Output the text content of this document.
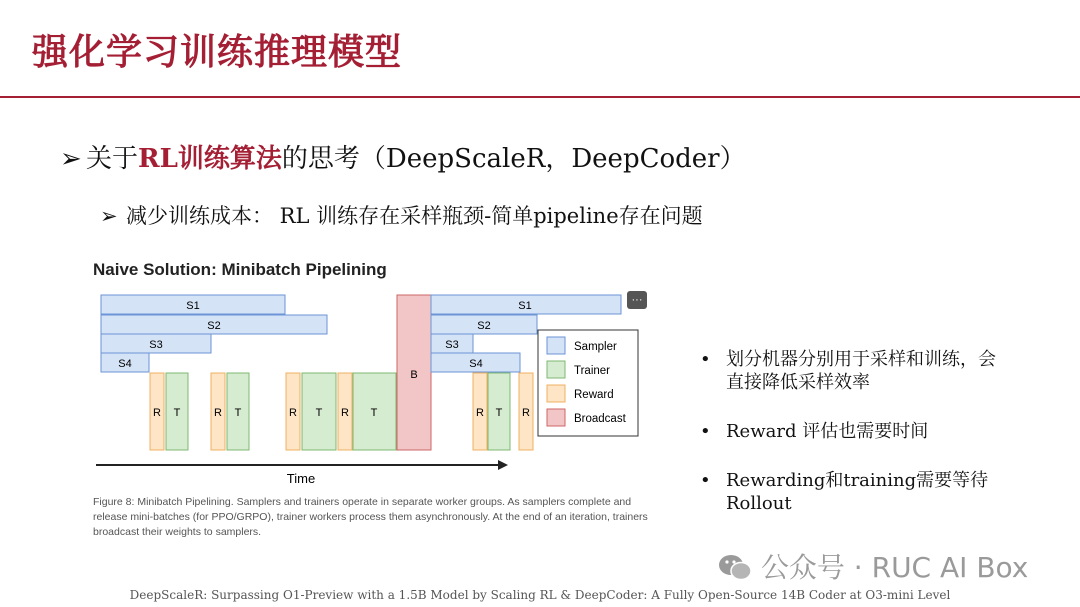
强化学习训练推理模型
➢ 关于RL训练算法的思考（DeepScaleR，DeepCoder）
➢ 减少训练成本： RL 训练存在采样瓶颈-简单pipeline存在问题
Naive Solution: Minibatch Pipelining
S1
S2
S3
S4
R T	R T	R T R T
B
S1
S2
S3
S4
R T R
···
Sampler
Trainer
Reward
Broadcast
Time
Figure 8: Minibatch Pipelining. Samplers and trainers operate in separate worker groups. As samplers complete and release mini-batches (for PPO/GRPO), trainer workers process them asynchronously. At the end of an iteration, trainers broadcast their weights to samplers.
• 划分机器分别用于采样和训练，会
直接降低采样效率
• Reward 评估也需要时间
• Rewarding和training需要等待
Rollout
公众号 · RUC AI Box
DeepScaleR: Surpassing O1-Preview with a 1.5B Model by Scaling RL & DeepCoder: A Fully Open-Source 14B Coder at O3-mini Level
